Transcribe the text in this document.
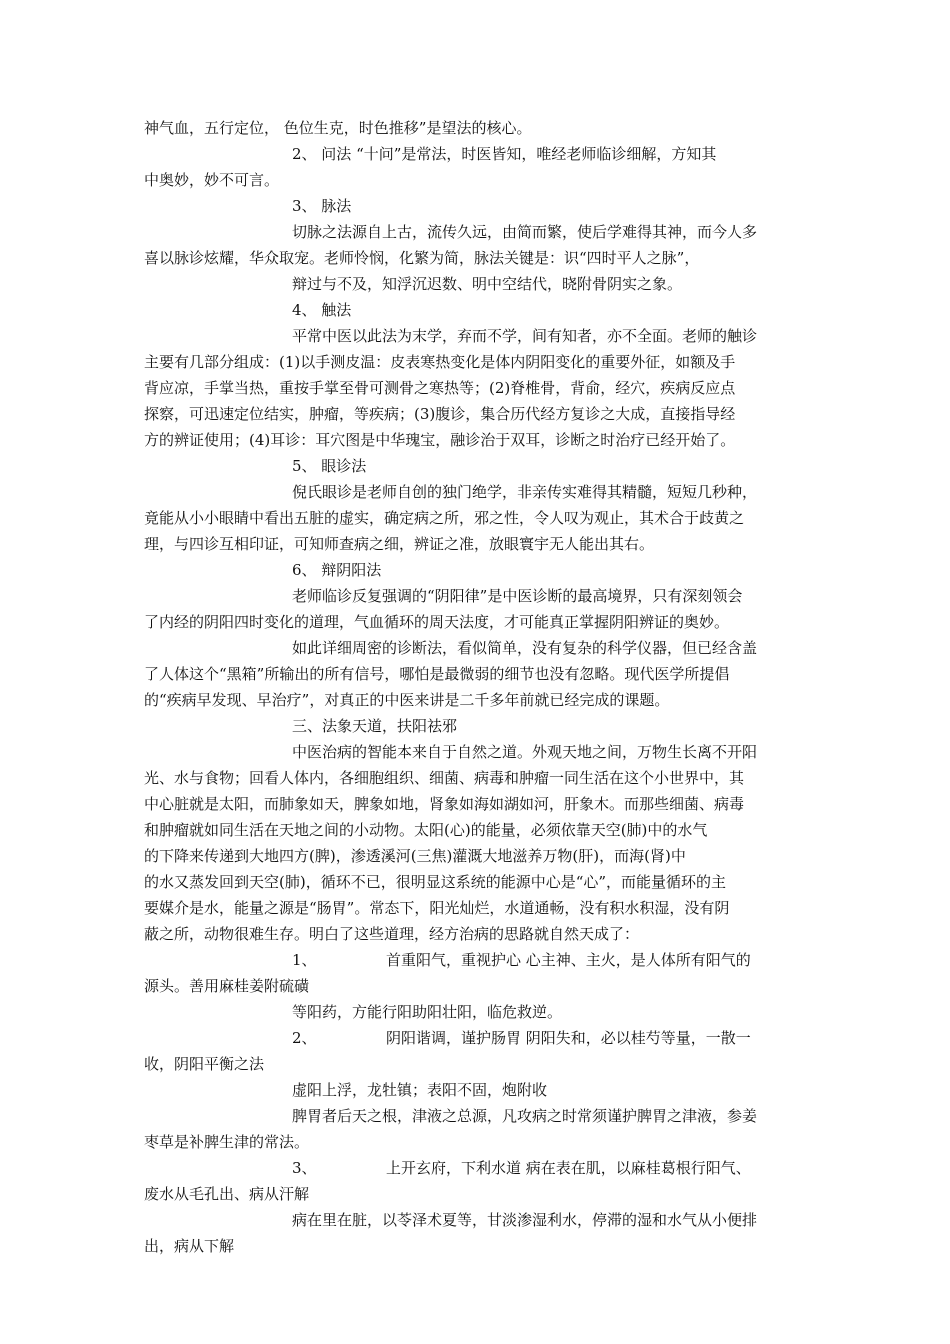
神气血，五行定位， 色位生克，时色推移”是望法的核心。
2、 问法 “十问”是常法，时医皆知，唯经老师临诊细解，方知其
中奥妙，妙不可言。
3、 脉法
切脉之法源自上古，流传久远，由简而繁，使后学难得其神，而今人多
喜以脉诊炫耀，华众取宠。老师怜悯，化繁为简，脉法关键是：识“四时平人之脉”，
辩过与不及，知浮沉迟数、明中空结代，晓附骨阴实之象。
4、 触法
平常中医以此法为末学，弃而不学，间有知者，亦不全面。老师的触诊
主要有几部分组成：(1)以手测皮温：皮表寒热变化是体内阴阳变化的重要外征，如额及手
背应凉，手掌当热，重按手掌至骨可测骨之寒热等；(2)脊椎骨，背俞，经穴，疾病反应点
探察，可迅速定位结实，肿瘤，等疾病；(3)腹诊，集合历代经方复诊之大成，直接指导经
方的辨证使用；(4)耳诊：耳穴图是中华瑰宝，融诊治于双耳，诊断之时治疗已经开始了。
5、 眼诊法
倪氏眼诊是老师自创的独门绝学，非亲传实难得其精髓，短短几秒种，
竟能从小小眼睛中看出五脏的虚实，确定病之所，邪之性，令人叹为观止，其术合于歧黄之
理，与四诊互相印证，可知师查病之细，辨证之准，放眼寰宇无人能出其右。
6、 辩阴阳法
老师临诊反复强调的“阴阳律”是中医诊断的最高境界，只有深刻领会
了内经的阴阳四时变化的道理，气血循环的周天法度，才可能真正掌握阴阳辨证的奥妙。
如此详细周密的诊断法，看似简单，没有复杂的科学仪器，但已经含盖
了人体这个“黑箱”所输出的所有信号，哪怕是最微弱的细节也没有忽略。现代医学所提倡
的“疾病早发现、早治疗”，对真正的中医来讲是二千多年前就已经完成的课题。
三、法象天道，扶阳祛邪
中医治病的智能本来自于自然之道。外观天地之间，万物生长离不开阳
光、水与食物；回看人体内，各细胞组织、细菌、病毒和肿瘤一同生活在这个小世界中，其
中心脏就是太阳，而肺象如天，脾象如地，肾象如海如湖如河，肝象木。而那些细菌、病毒
和肿瘤就如同生活在天地之间的小动物。太阳(心)的能量，必须依靠天空(肺)中的水气
的下降来传递到大地四方(脾)，渗透溪河(三焦)灌溉大地滋养万物(肝)，而海(肾)中
的水又蒸发回到天空(肺)，循环不已，很明显这系统的能源中心是“心”，而能量循环的主
要媒介是水，能量之源是“肠胃”。常态下，阳光灿烂，水道通畅，没有积水积湿，没有阴
蔽之所，动物很难生存。明白了这些道理，经方治病的思路就自然天成了：
1、	首重阳气，重视护心 心主神、主火，是人体所有阳气的
源头。善用麻桂姜附硫磺
等阳药，方能行阳助阳壮阳，临危救逆。
2、	阴阳谐调，谨护肠胃 阴阳失和，必以桂芍等量，一散一
收，阴阳平衡之法
虚阳上浮，龙牡镇；表阳不固，炮附收
脾胃者后天之根，津液之总源，凡攻病之时常须谨护脾胃之津液，参姜
枣草是补脾生津的常法。
3、	上开玄府，下利水道 病在表在肌，以麻桂葛根行阳气、
废水从毛孔出、病从汗解
病在里在脏，以苓泽术夏等，甘淡渗湿利水，停滞的湿和水气从小便排
出，病从下解
